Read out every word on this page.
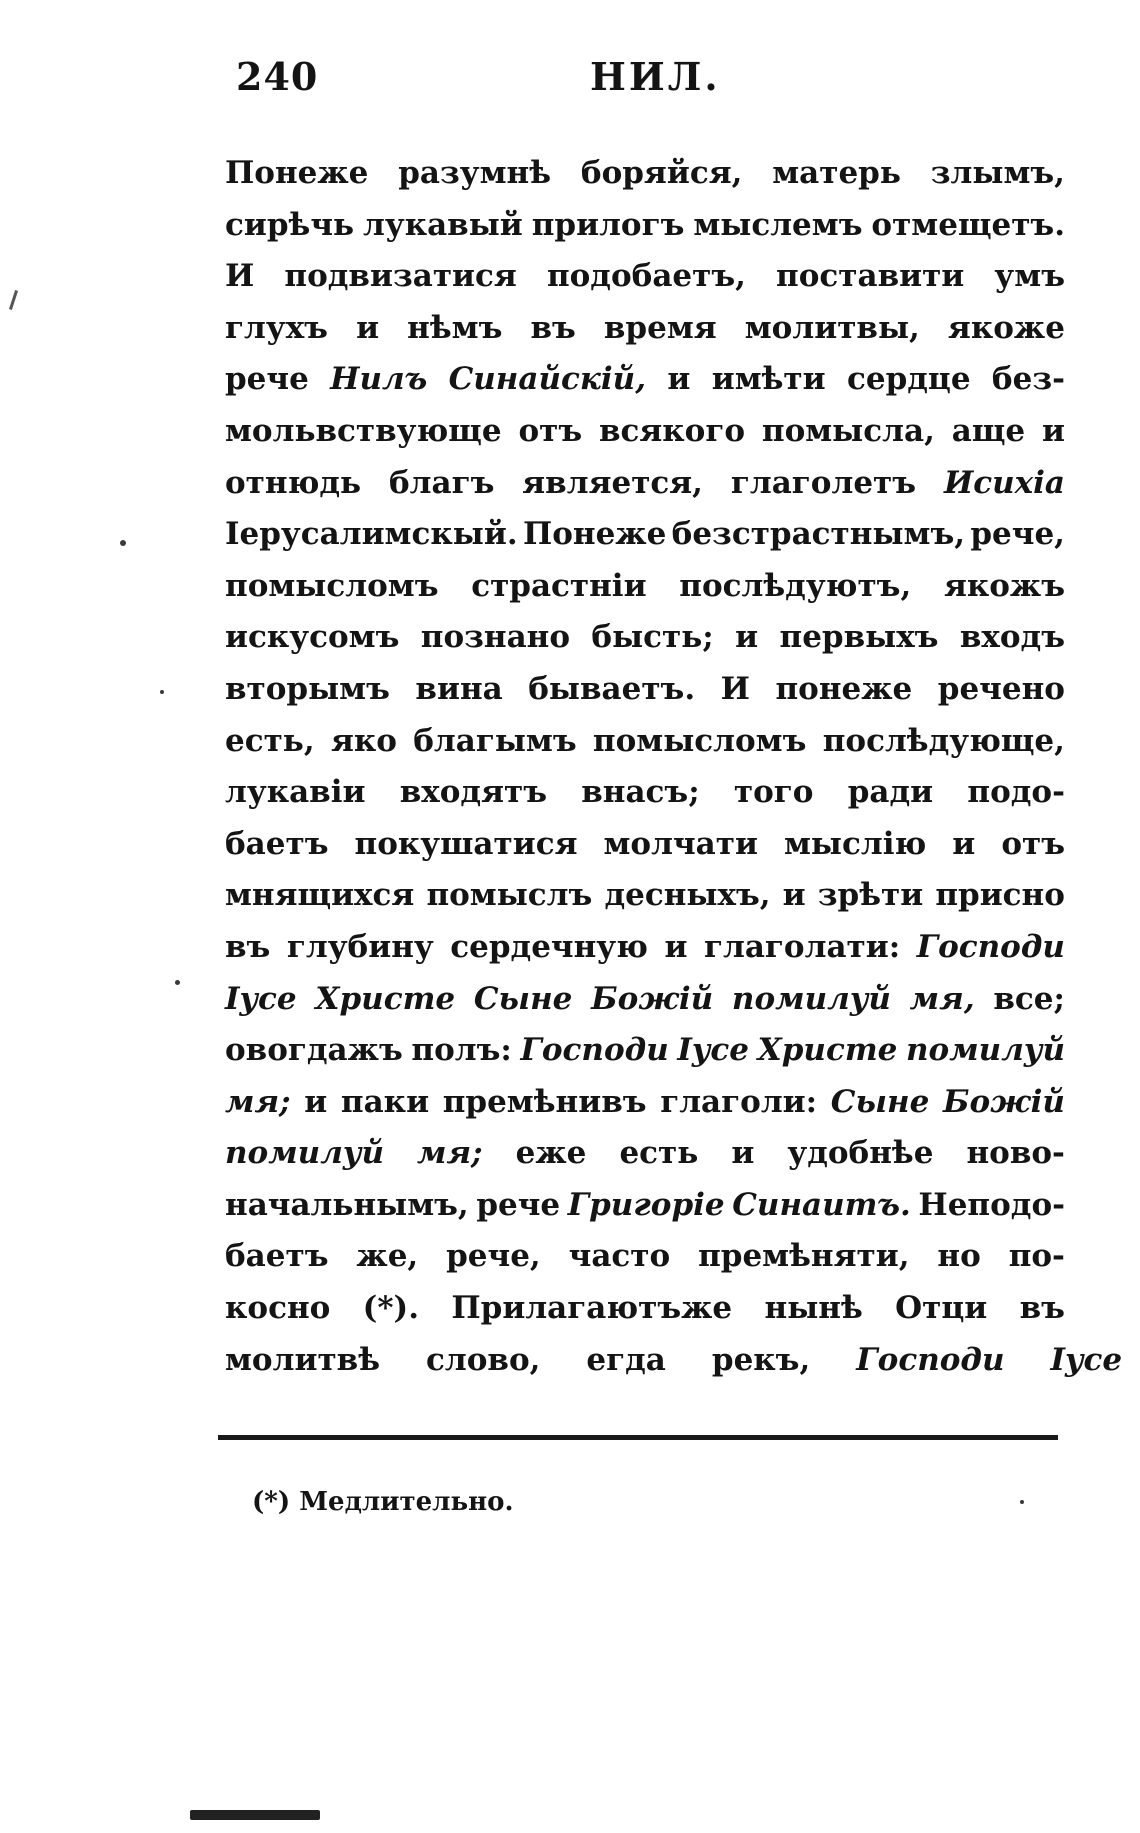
240	НИЛ.
Понеже разумнѣ боряйся, матерь злымъ,
сирѣчь лукавый прилогъ мыслемъ отмещетъ.
И подвизатися подобаетъ, поставити умъ
глухъ и нѣмъ въ время молитвы, якоже
рече Нилъ Синайскій, и имѣти сердце без-
мольвствующе отъ всякого помысла, аще и
отнюдь благъ является, глаголетъ Исихіа
Іерусалимскый. Понеже безстрастнымъ, рече,
помысломъ страстніи послѣдуютъ, якожъ
искусомъ познано бысть; и первыхъ входъ
вторымъ вина бываетъ. И понеже речено
есть, яко благымъ помысломъ послѣдующе,
лукавіи входятъ внасъ; того ради подо-
баетъ покушатися молчати мыслію и отъ
мнящихся помыслъ десныхъ, и зрѣти присно
въ глубину сердечную и глаголати: Господи
Іусе Христе Сыне Божій помилуй мя, все;
овогдажъ полъ: Господи Іусе Христе помилуй
мя; и паки премѣнивъ глаголи: Сыне Божій
помилуй мя; еже есть и удобнѣе ново-
начальнымъ, рече Григоріе Синаитъ. Неподо-
баетъ же, рече, часто премѣняти, но по-
косно (*). Прилагаютъже нынѣ Отци въ
молитвѣ слово, егда рекъ, Господи Іусе
(*) Медлительно.
